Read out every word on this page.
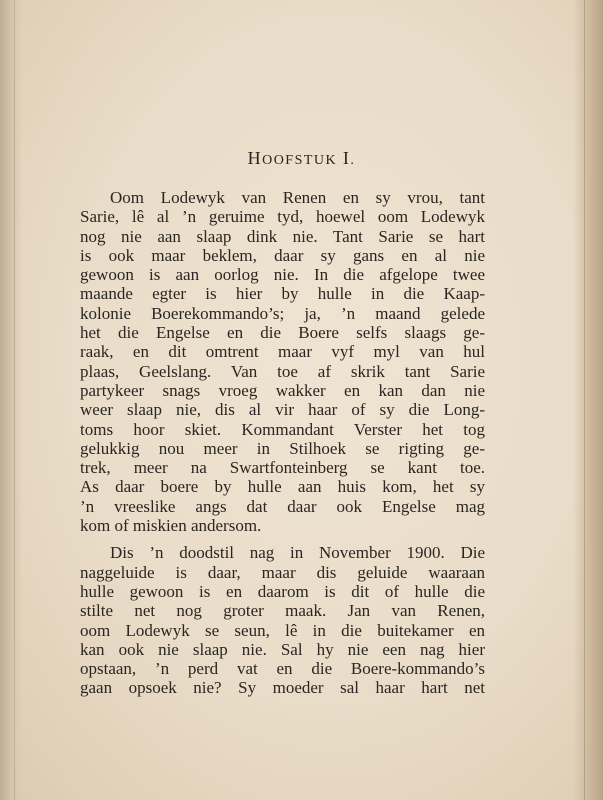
HOOFSTUK I.
Oom Lodewyk van Renen en sy vrou, tant
Sarie, lê al ’n geruime tyd, hoewel oom Lodewyk
nog nie aan slaap dink nie. Tant Sarie se hart
is ook maar beklem, daar sy gans en al nie
gewoon is aan oorlog nie. In die afgelope twee
maande egter is hier by hulle in die Kaap-
kolonie Boerekommando’s; ja, ’n maand gelede
het die Engelse en die Boere selfs slaags ge-
raak, en dit omtrent maar vyf myl van hul
plaas, Geelslang. Van toe af skrik tant Sarie
partykeer snags vroeg wakker en kan dan nie
weer slaap nie, dis al vir haar of sy die Long-
toms hoor skiet. Kommandant Verster het tog
gelukkig nou meer in Stilhoek se rigting ge-
trek, meer na Swartfonteinberg se kant toe.
As daar boere by hulle aan huis kom, het sy
’n vreeslike angs dat daar ook Engelse mag
kom of miskien andersom.
Dis ’n doodstil nag in November 1900. Die
naggeluide is daar, maar dis geluide waaraan
hulle gewoon is en daarom is dit of hulle die
stilte net nog groter maak. Jan van Renen,
oom Lodewyk se seun, lê in die buitekamer en
kan ook nie slaap nie. Sal hy nie een nag hier
opstaan, ’n perd vat en die Boere-kommando’s
gaan opsoek nie? Sy moeder sal haar hart net
